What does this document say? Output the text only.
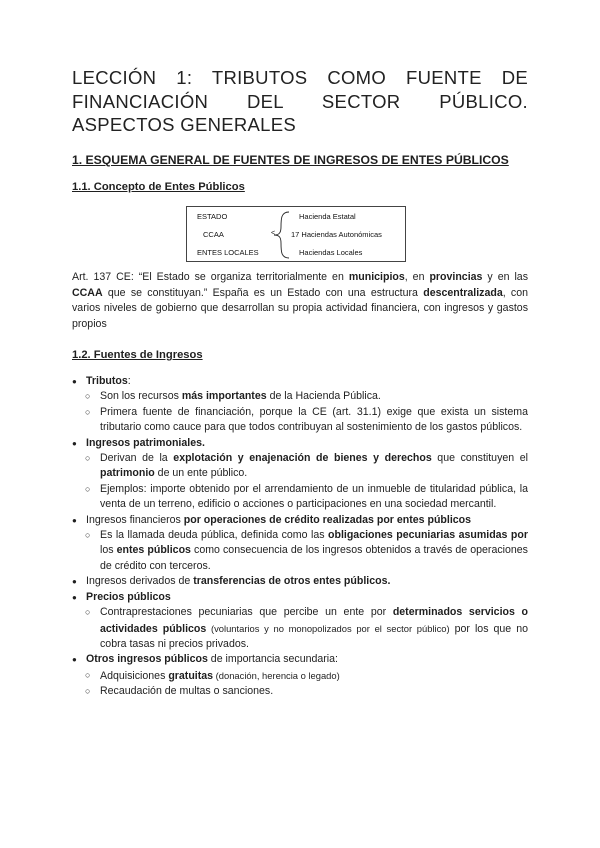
LECCIÓN 1: TRIBUTOS COMO FUENTE DE FINANCIACIÓN DEL SECTOR PÚBLICO. ASPECTOS GENERALES
1. ESQUEMA GENERAL DE FUENTES DE INGRESOS DE ENTES PÚBLICOS
1.1. Concepto de Entes Públicos
ESTADO
CCAA
ENTES LOCALES
<
Hacienda Estatal
17 Haciendas Autonómicas
Haciendas Locales

Art. 137 CE: “El Estado se organiza territorialmente en municipios, en provincias y en las CCAA que se constituyan.” España es un Estado con una estructura descentralizada, con varios niveles de gobierno que desarrollan su propia actividad financiera, con ingresos y gastos propios

1.2. Fuentes de Ingresos
● Tributos:
○ Son los recursos más importantes de la Hacienda Pública.
○ Primera fuente de financiación, porque la CE (art. 31.1) exige que exista un sistema tributario como cauce para que todos contribuyan al sostenimiento de los gastos públicos.
● Ingresos patrimoniales.
○ Derivan de la explotación y enajenación de bienes y derechos que constituyen el patrimonio de un ente público.
○ Ejemplos: importe obtenido por el arrendamiento de un inmueble de titularidad pública, la venta de un terreno, edificio o acciones o participaciones en una sociedad mercantil.
● Ingresos financieros por operaciones de crédito realizadas por entes públicos
○ Es la llamada deuda pública, definida como las obligaciones pecuniarias asumidas por los entes públicos como consecuencia de los ingresos obtenidos a través de operaciones de crédito con terceros.
● Ingresos derivados de transferencias de otros entes públicos.
● Precios públicos
○ Contraprestaciones pecuniarias que percibe un ente por determinados servicios o actividades públicos (voluntarios y no monopolizados por el sector público) por los que no cobra tasas ni precios privados.
● Otros ingresos públicos de importancia secundaria:
○ Adquisiciones gratuitas (donación, herencia o legado)
○ Recaudación de multas o sanciones.
